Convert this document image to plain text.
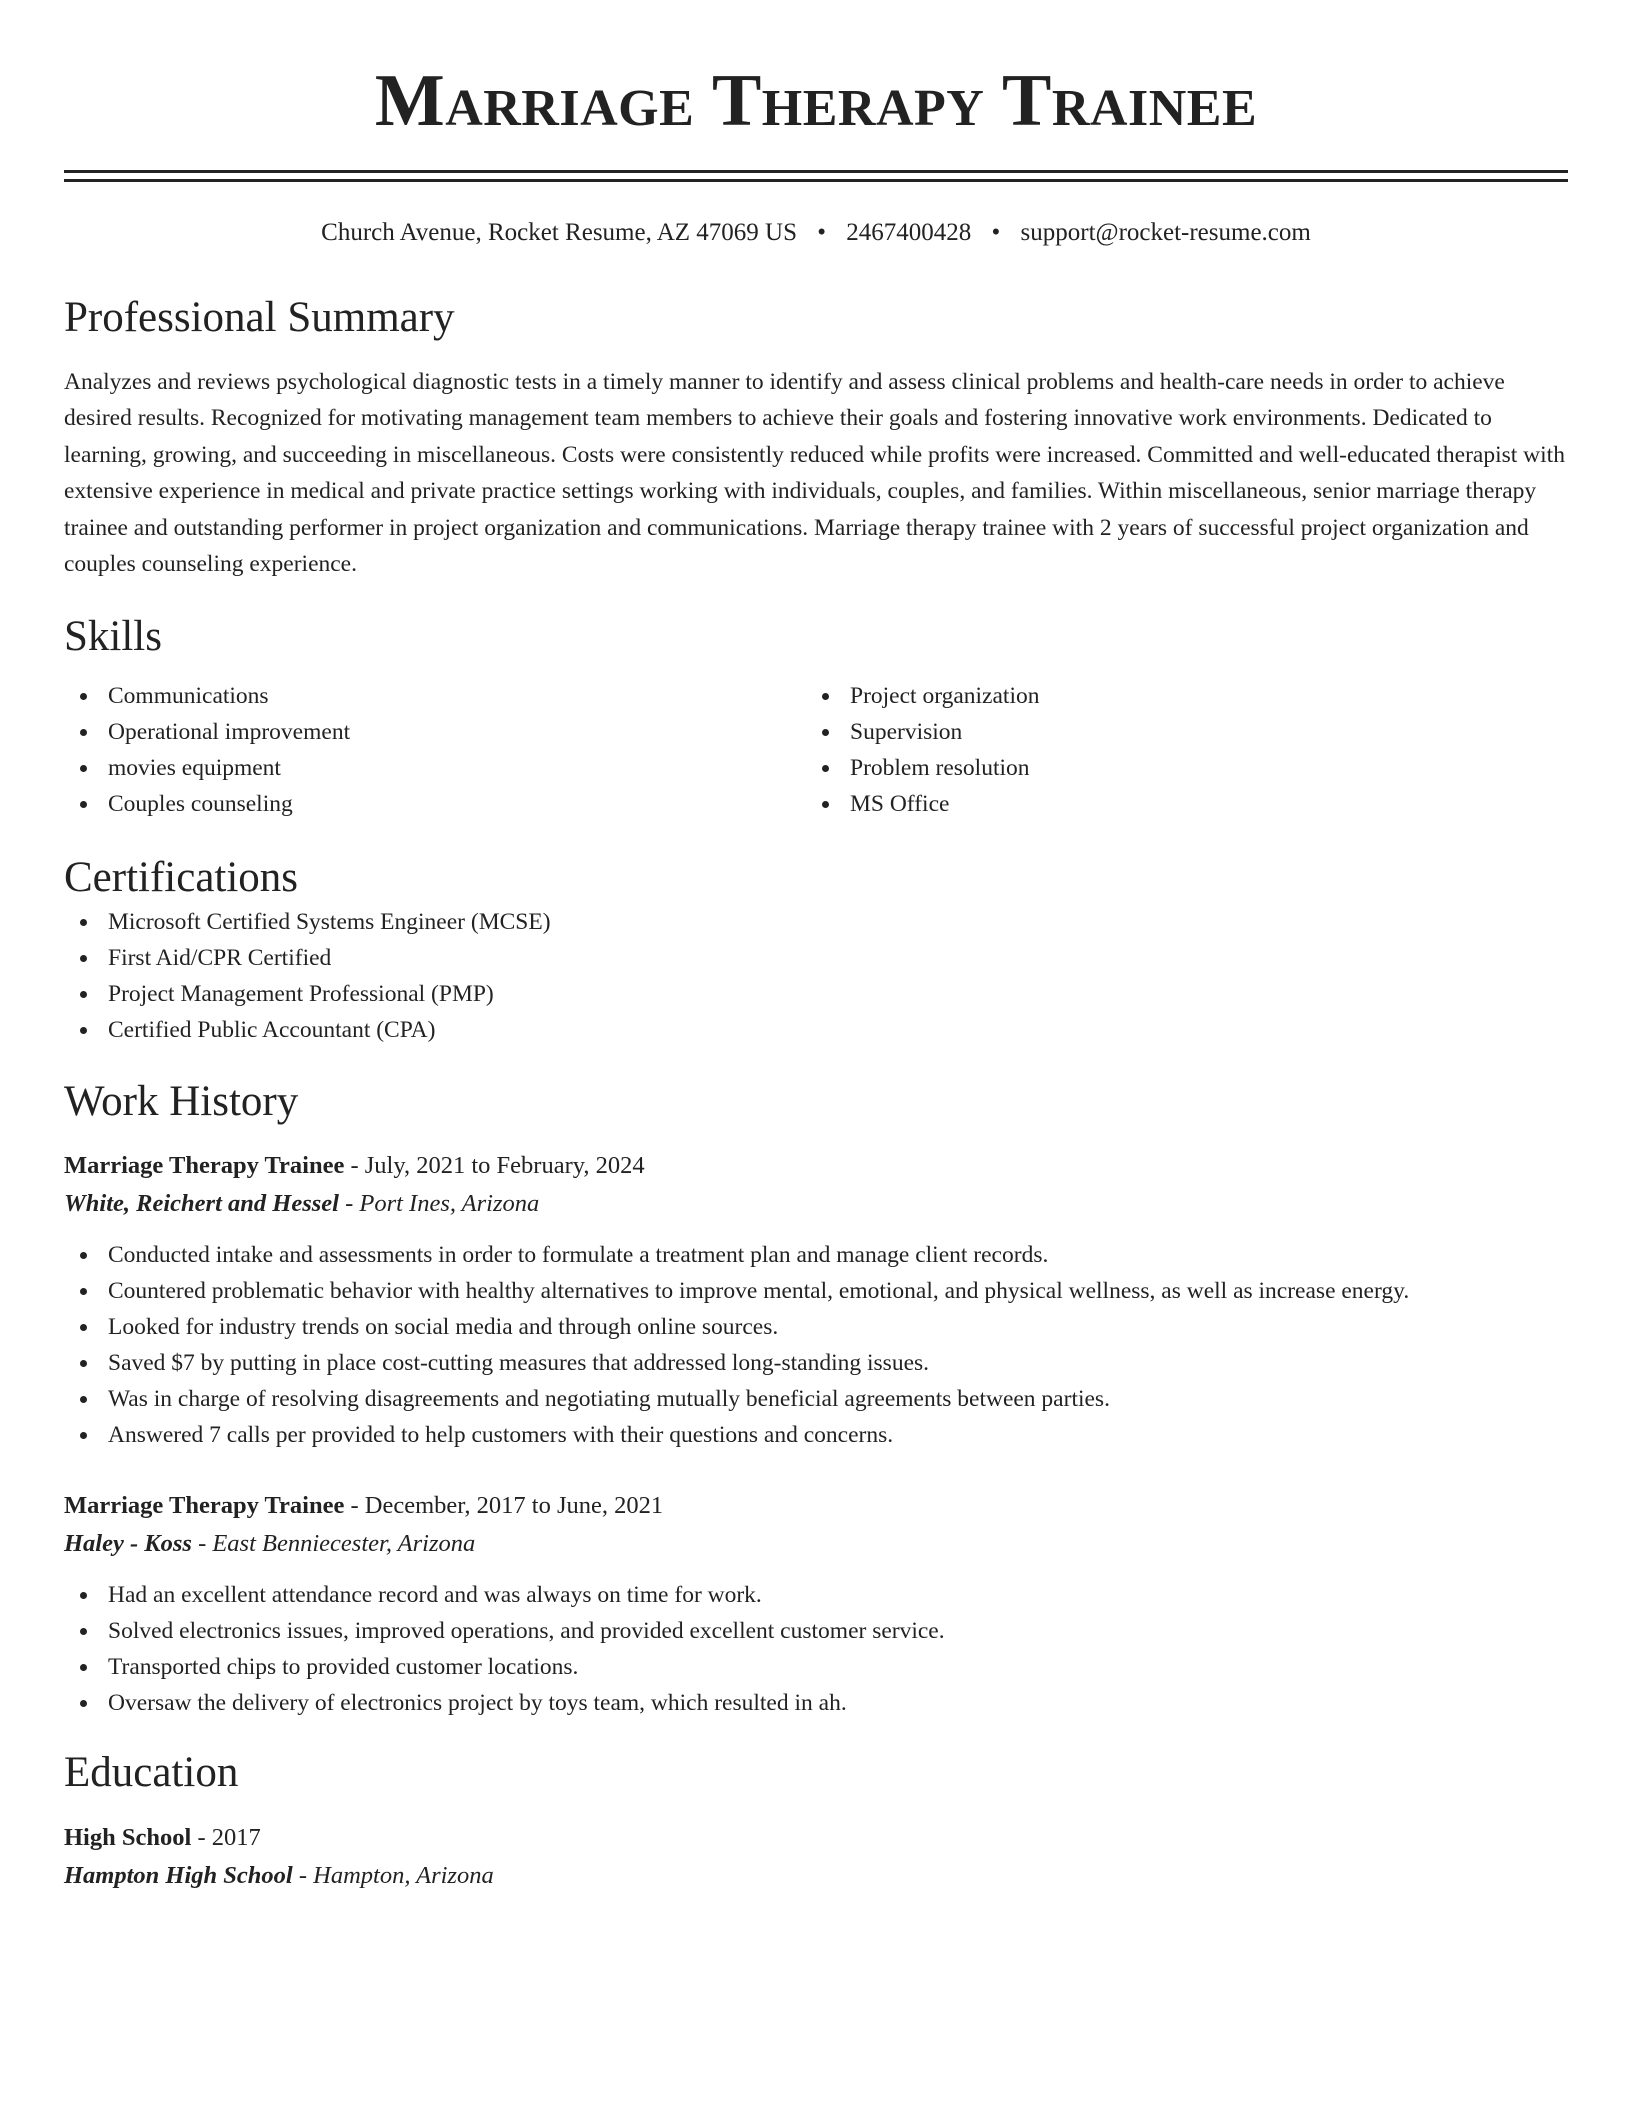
Marriage Therapy Trainee
Church Avenue, Rocket Resume, AZ 47069 US • 2467400428 • support@rocket-resume.com
Professional Summary

Analyzes and reviews psychological diagnostic tests in a timely manner to identify and assess clinical problems and health-care needs in order to achieve desired results. Recognized for motivating management team members to achieve their goals and fostering innovative work environments. Dedicated to learning, growing, and succeeding in miscellaneous. Costs were consistently reduced while profits were increased. Committed and well-educated therapist with extensive experience in medical and private practice settings working with individuals, couples, and families. Within miscellaneous, senior marriage therapy trainee and outstanding performer in project organization and communications. Marriage therapy trainee with 2 years of successful project organization and couples counseling experience.

Skills
Communications
Operational improvement
movies equipment
Couples counseling
Project organization
Supervision
Problem resolution
MS Office
Certifications
Microsoft Certified Systems Engineer (MCSE)
First Aid/CPR Certified
Project Management Professional (PMP)
Certified Public Accountant (CPA)
Work History
Marriage Therapy Trainee - July, 2021 to February, 2024
White, Reichert and Hessel - Port Ines, Arizona
Conducted intake and assessments in order to formulate a treatment plan and manage client records.
Countered problematic behavior with healthy alternatives to improve mental, emotional, and physical wellness, as well as increase energy.
Looked for industry trends on social media and through online sources.
Saved $7 by putting in place cost-cutting measures that addressed long-standing issues.
Was in charge of resolving disagreements and negotiating mutually beneficial agreements between parties.
Answered 7 calls per provided to help customers with their questions and concerns.
Marriage Therapy Trainee - December, 2017 to June, 2021
Haley - Koss - East Benniecester, Arizona
Had an excellent attendance record and was always on time for work.
Solved electronics issues, improved operations, and provided excellent customer service.
Transported chips to provided customer locations.
Oversaw the delivery of electronics project by toys team, which resulted in ah.
Education
High School - 2017
Hampton High School - Hampton, Arizona
